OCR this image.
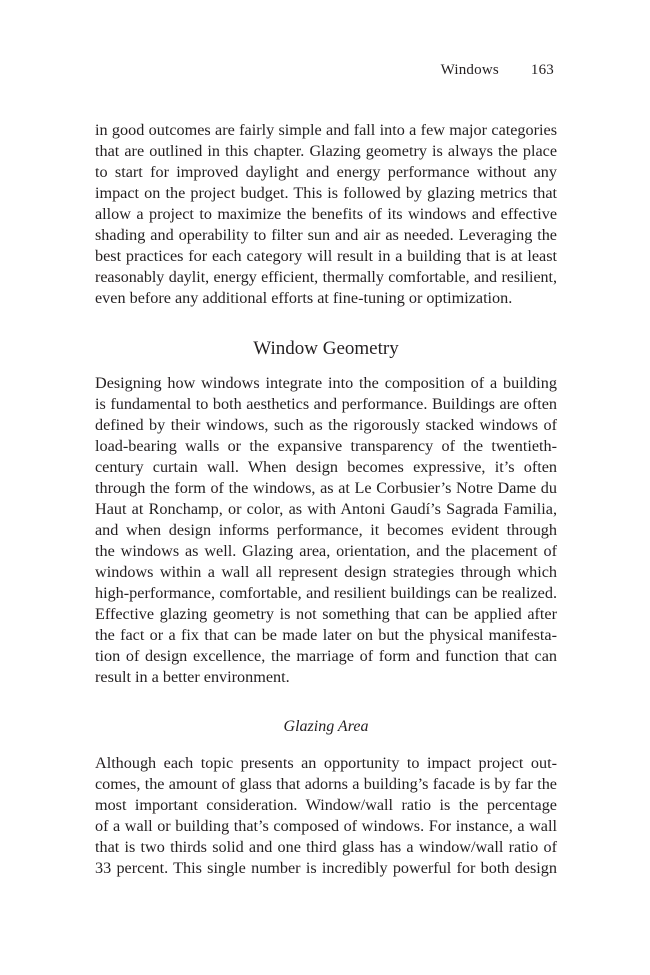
Windows 163
in good outcomes are fairly simple and fall into a few major categories
that are outlined in this chapter. Glazing geometry is always the place
to start for improved daylight and energy performance without any
impact on the project budget. This is followed by glazing metrics that
allow a project to maximize the benefits of its windows and effective
shading and operability to filter sun and air as needed. Leveraging the
best practices for each category will result in a building that is at least
reasonably daylit, energy efficient, thermally comfortable, and resilient,
even before any additional efforts at fine-tuning or optimization.
Window Geometry
Designing how windows integrate into the composition of a building
is fundamental to both aesthetics and performance. Buildings are often
defined by their windows, such as the rigorously stacked windows of
load-bearing walls or the expansive transparency of the twentieth-
century curtain wall. When design becomes expressive, it’s often
through the form of the windows, as at Le Corbusier’s Notre Dame du
Haut at Ronchamp, or color, as with Antoni Gaudí’s Sagrada Familia,
and when design informs performance, it becomes evident through
the windows as well. Glazing area, orientation, and the placement of
windows within a wall all represent design strategies through which
high-performance, comfortable, and resilient buildings can be realized.
Effective glazing geometry is not something that can be applied after
the fact or a fix that can be made later on but the physical manifesta-
tion of design excellence, the marriage of form and function that can
result in a better environment.
Glazing Area
Although each topic presents an opportunity to impact project out-
comes, the amount of glass that adorns a building’s facade is by far the
most important consideration. Window/wall ratio is the percentage
of a wall or building that’s composed of windows. For instance, a wall
that is two thirds solid and one third glass has a window/wall ratio of
33 percent. This single number is incredibly powerful for both design
